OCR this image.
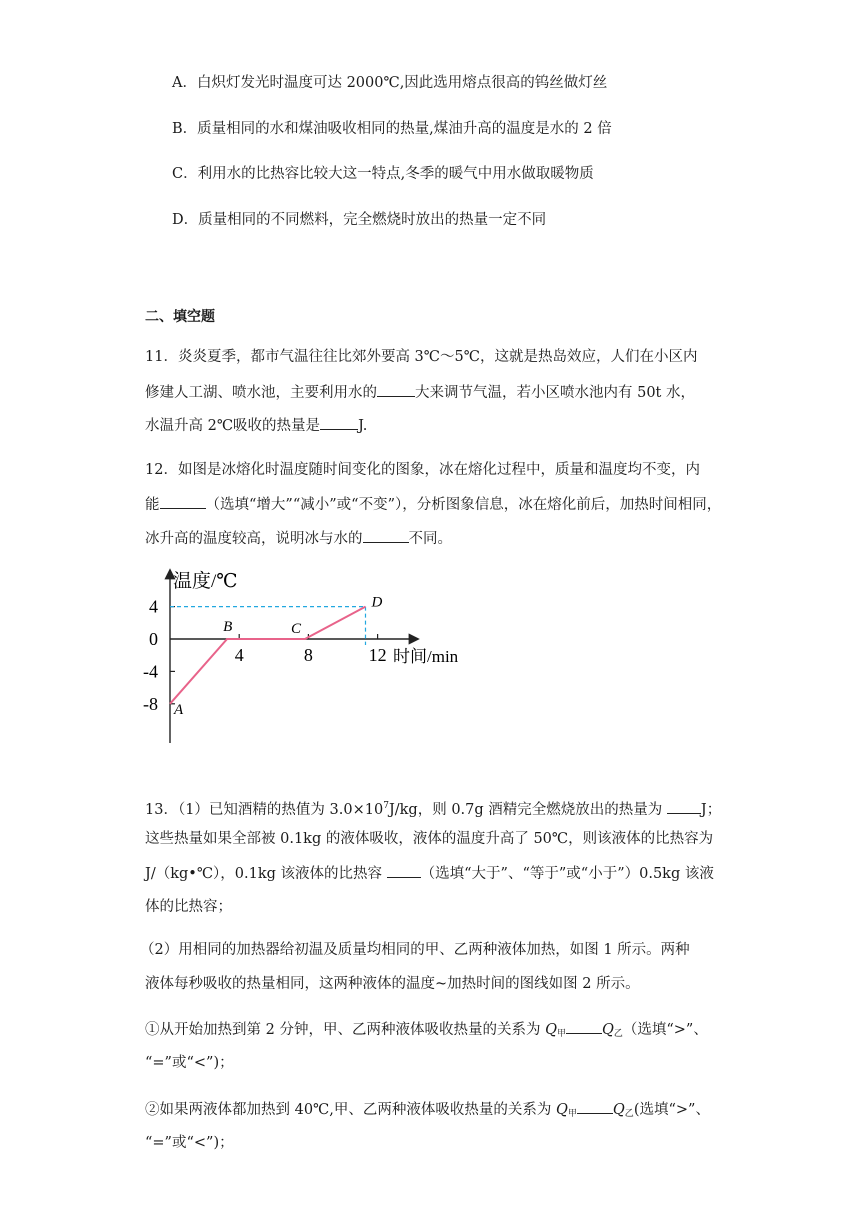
A．白炽灯发光时温度可达 2000℃,因此选用熔点很高的钨丝做灯丝
B．质量相同的水和煤油吸收相同的热量,煤油升高的温度是水的 2 倍
C．利用水的比热容比较大这一特点,冬季的暖气中用水做取暖物质
D．质量相同的不同燃料，完全燃烧时放出的热量一定不同
二、填空题
11．炎炎夏季，都市气温往往比郊外要高 3℃～5℃，这就是热岛效应，人们在小区内
修建人工湖、喷水池，主要利用水的	大来调节气温，若小区喷水池内有 50t 水，
水温升高 2℃吸收的热量是	J.
12．如图是冰熔化时温度随时间变化的图象，冰在熔化过程中，质量和温度均不变，内
能	（选填“增大”“减小”或“不变”），分析图象信息，冰在熔化前后，加热时间相同，
冰升高的温度较高，说明冰与水的	不同。
温度/℃
时间/min
4	8	12
4
0
-4
-8 A
B	C
D
13．（1）已知酒精的热值为 $3.0\times 10^7J/kg$，则 0.7g 酒精完全燃烧放出的热量为 J；
这些热量如果全部被 0.1kg 的液体吸收，液体的温度升高了 50℃，则该液体的比热容为
J/（kg•℃），0.1kg 该液体的比热容 （选填“大于”、“等于”或“小于”）0.5kg 该液
体的比热容；
（2）用相同的加热器给初温及质量均相同的甲、乙两种液体加热，如图 1 所示。两种
液体每秒吸收的热量相同，这两种液体的温度~加热时间的图线如图 2 所示。
①从开始加热到第 2 分钟，甲、乙两种液体吸收热量的关系为 $Q_甲$ $Q_乙$（选填“>”、
“=”或“<”)；
②如果两液体都加热到 40℃,甲、乙两种液体吸收热量的关系为 $Q_甲$ $Q_乙$(选填“>”、
“=”或“<”)；
